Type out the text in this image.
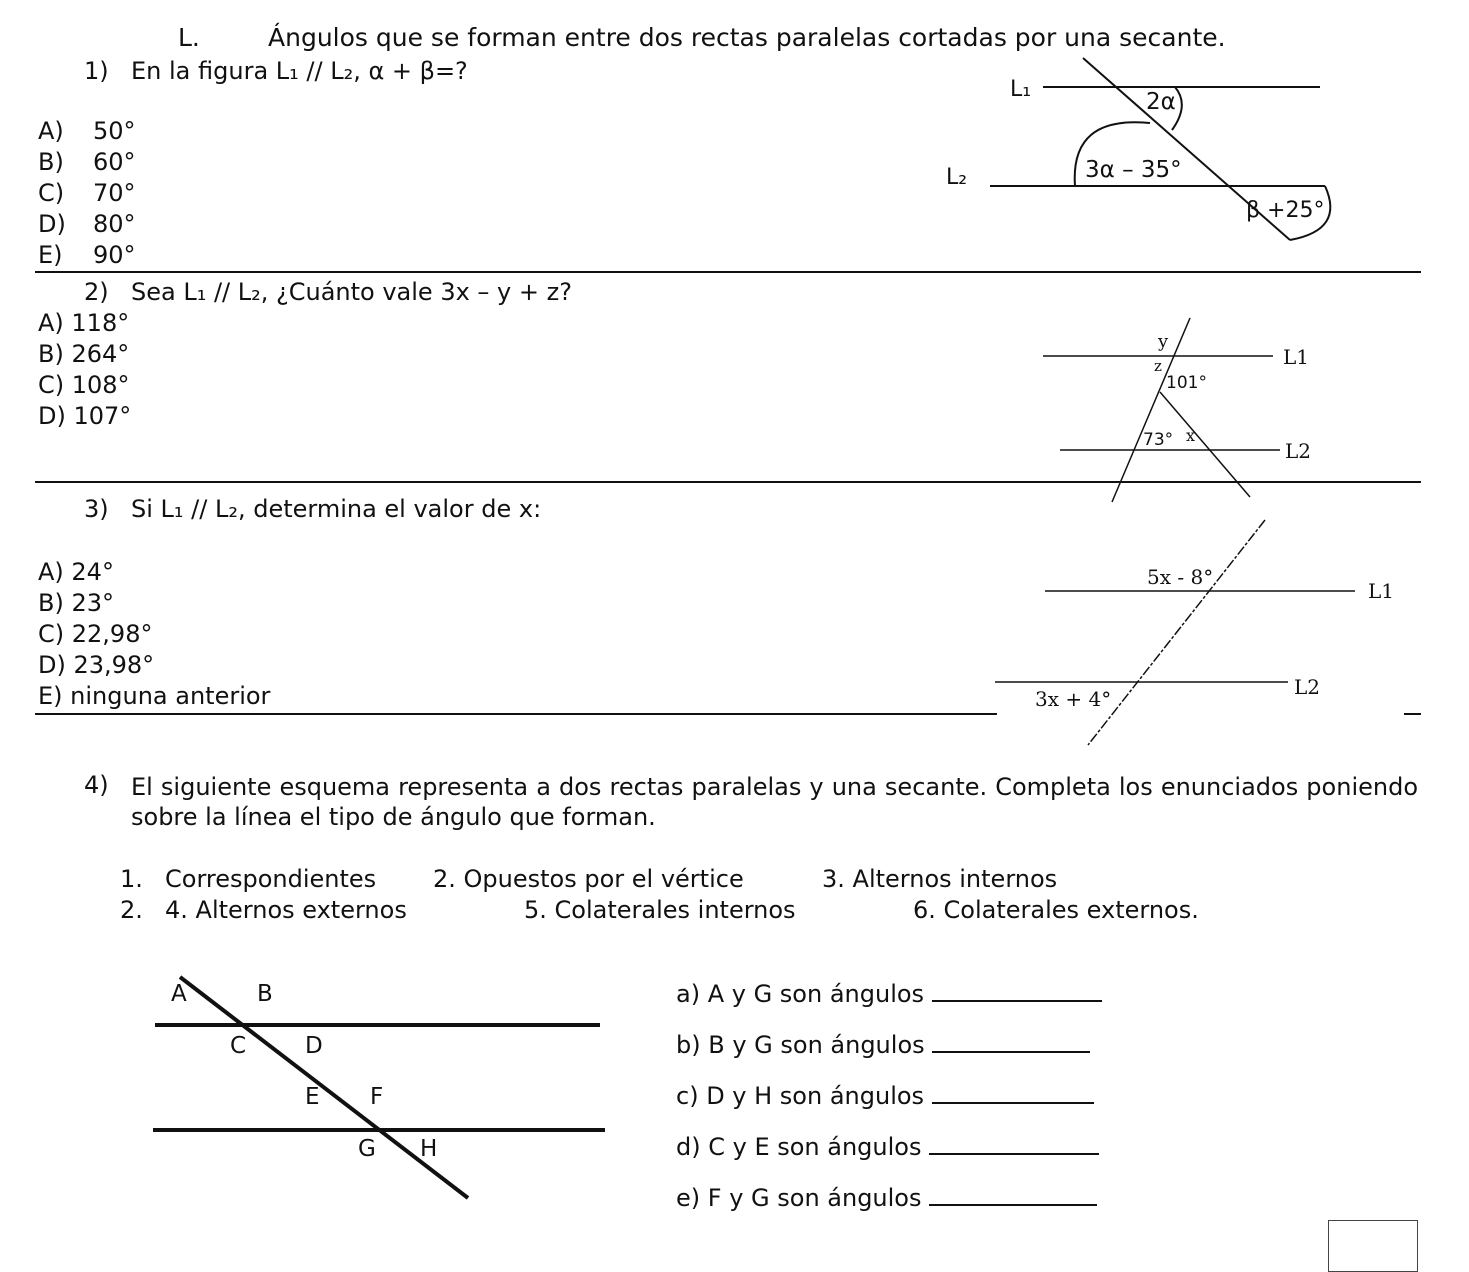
L.	Ángulos que se forman entre dos rectas paralelas cortadas por una secante.
1) En la figura L₁ // L₂, α + β=?
A) 50°
B) 60°
C) 70°
D) 80°
E) 90°
L₁
L₂
2α
3α – 35°
β +25°
2) Sea L₁ // L₂, ¿Cuánto vale 3x – y + z?
A) 118°
B) 264°
C) 108°
D) 107°
L1
L2
y
z
101°
73° x
3) Si L₁ // L₂, determina el valor de x:
A) 24°
B) 23°
C) 22,98°
D) 23,98°
E) ninguna anterior
5x - 8°
3x + 4°
L1
L2
4) El siguiente esquema representa a dos rectas paralelas y una secante. Completa los enunciados poniendo sobre la línea el tipo de ángulo que forman.
1. Correspondientes 2. Opuestos por el vértice	3. Alternos internos
2. 4. Alternos externos	5. Colaterales internos	6. Colaterales externos.
A	B
C	D
E F
G H
a) A y G son ángulos
b) B y G son ángulos
c) D y H son ángulos
d) C y E son ángulos
e) F y G son ángulos
